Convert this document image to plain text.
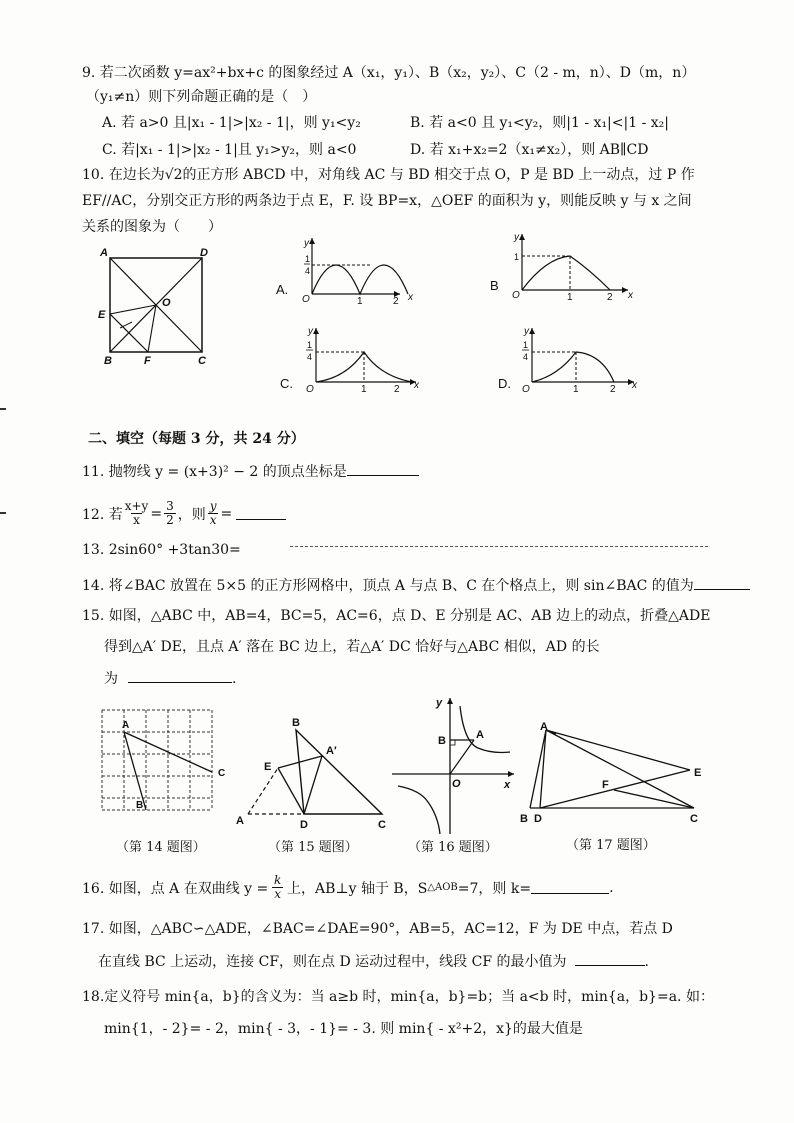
9. 若二次函数 y=ax²+bx+c 的图象经过 A（x₁，y₁）、B（x₂，y₂）、C（2 - m，n）、D（m，n）
（y₁≠n）则下列命题正确的是（　）
A. 若 a>0 且|x₁ - 1|>|x₂ - 1|，则 y₁<y₂	B. 若 a<0 且 y₁<y₂，则|1 - x₁|<|1 - x₂|
C. 若|x₁ - 1|>|x₂ - 1|且 y₁>y₂，则 a<0	D. 若 x₁+x₂=2（x₁≠x₂），则 AB∥CD
10. 在边长为√2的正方形 ABCD 中，对角线 AC 与 BD 相交于点 O，P 是 BD 上一动点，过 P 作
EF//AC，分别交正方形的两条边于点 E，F. 设 BP=x，△OEF 的面积为 y，则能反映 y 与 x 之间
关系的图象为（　　）
A	D
E
O
B	F	C
A.
y
1
4
O	1	2 x
B
y
1
O	1	2 x
C.
y
1
4
O	1	2 x	D.
y
1
4
O	1	2 x
二、填空（每题 3 分，共 24 分）
11. 抛物线 y = (x+3)² − 2 的顶点坐标是
12. 若 $\frac{x+y}{x} = \frac{3}{2}$ ，则 $\frac{y}{x}$ =
13. 2sin60° +3tan30=
14. 将∠BAC 放置在 5×5 的正方形网格中，顶点 A 与点 B、C 在个格点上，则 sin∠BAC 的值为
15. 如图，△ABC 中，AB=4，BC=5，AC=6，点 D、E 分别是 AC、AB 边上的动点，折叠△ADE
得到△A′ DE，且点 A′ 落在 BC 边上，若△A′ DC 恰好与△ABC 相似，AD 的长
为	.
A
B
C
（第 14 题图）
B
A′
E
A	D	C
（第 15 题图）
y
A
B
O	x
（第 16 题图）
A
E
F
B D	C
（第 17 题图）
16. 如图，点 A 在双曲线 $y = \frac{k}{x}$ 上，AB⊥y 轴于 B，S △AOB =7，则 k=	.
17. 如图，△ABC∽△ADE，∠BAC=∠DAE=90°，AB=5，AC=12，F 为 DE 中点，若点 D
在直线 BC 上运动，连接 CF，则在点 D 运动过程中，线段 CF 的最小值为	.
18.定义符号 min{a，b}的含义为：当 a≥b 时，min{a，b}=b；当 a<b 时，min{a，b}=a. 如：
min{1，- 2}= - 2，min{ - 3，- 1}= - 3. 则 min{ - x²+2，x}的最大值是
